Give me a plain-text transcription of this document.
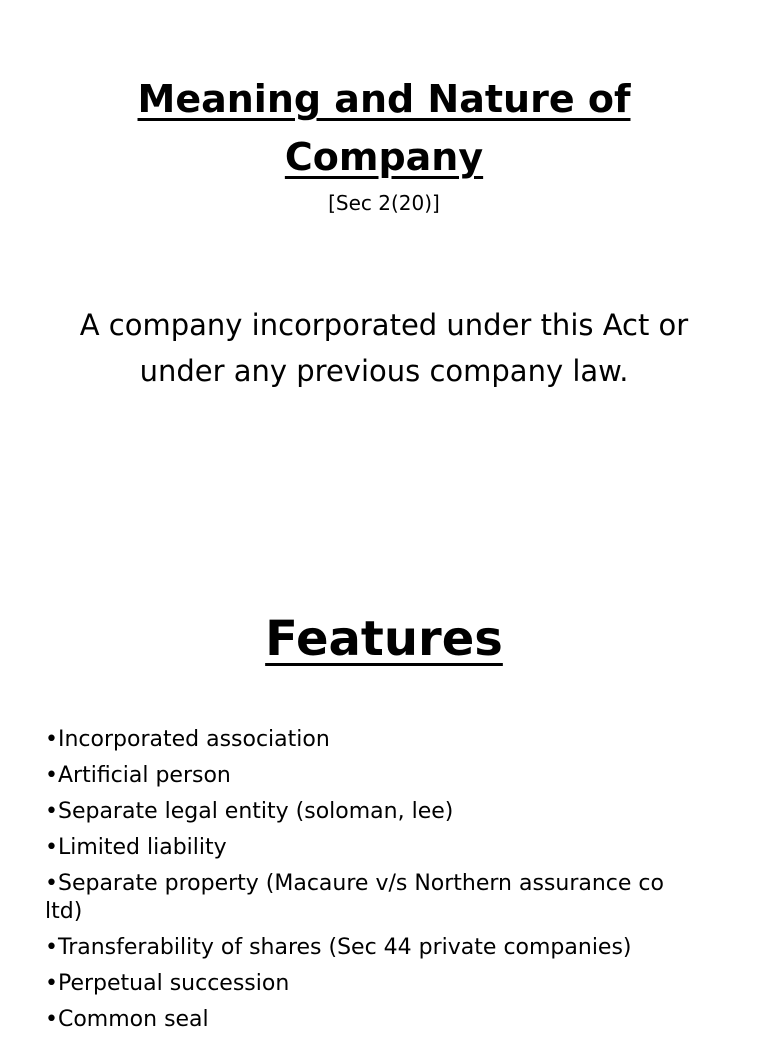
Meaning and Nature of
Company

[Sec 2(20)]

A company incorporated under this Act or under any previous company law.
Features
•Incorporated association
•Artificial person
•Separate legal entity (soloman, lee)
•Limited liability
•Separate property (Macaure v/s Northern assurance co ltd)
•Transferability of shares (Sec 44 private companies)
•Perpetual succession
•Common seal
